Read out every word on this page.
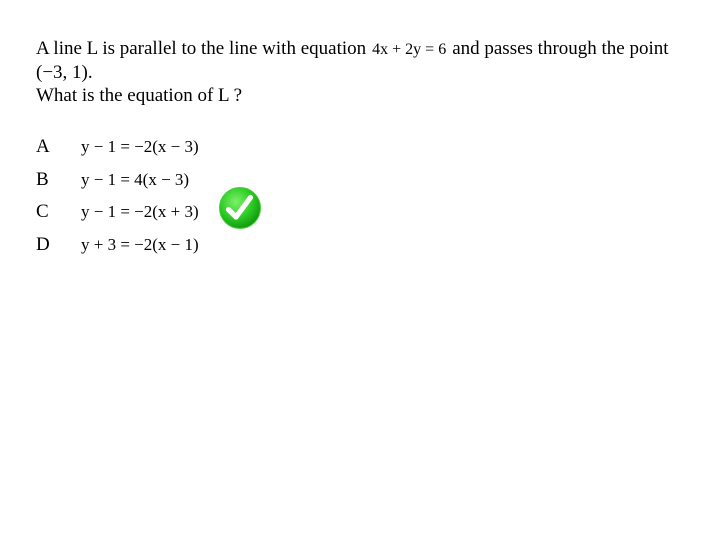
A line L is parallel to the line with equation 4x + 2y = 6 and passes through the point
(−3, 1).
What is the equation of L ?
A	y − 1 = −2(x − 3)
B	y − 1 = 4(x − 3)
C	y − 1 = −2(x + 3)
D	y + 3 = −2(x − 1)
